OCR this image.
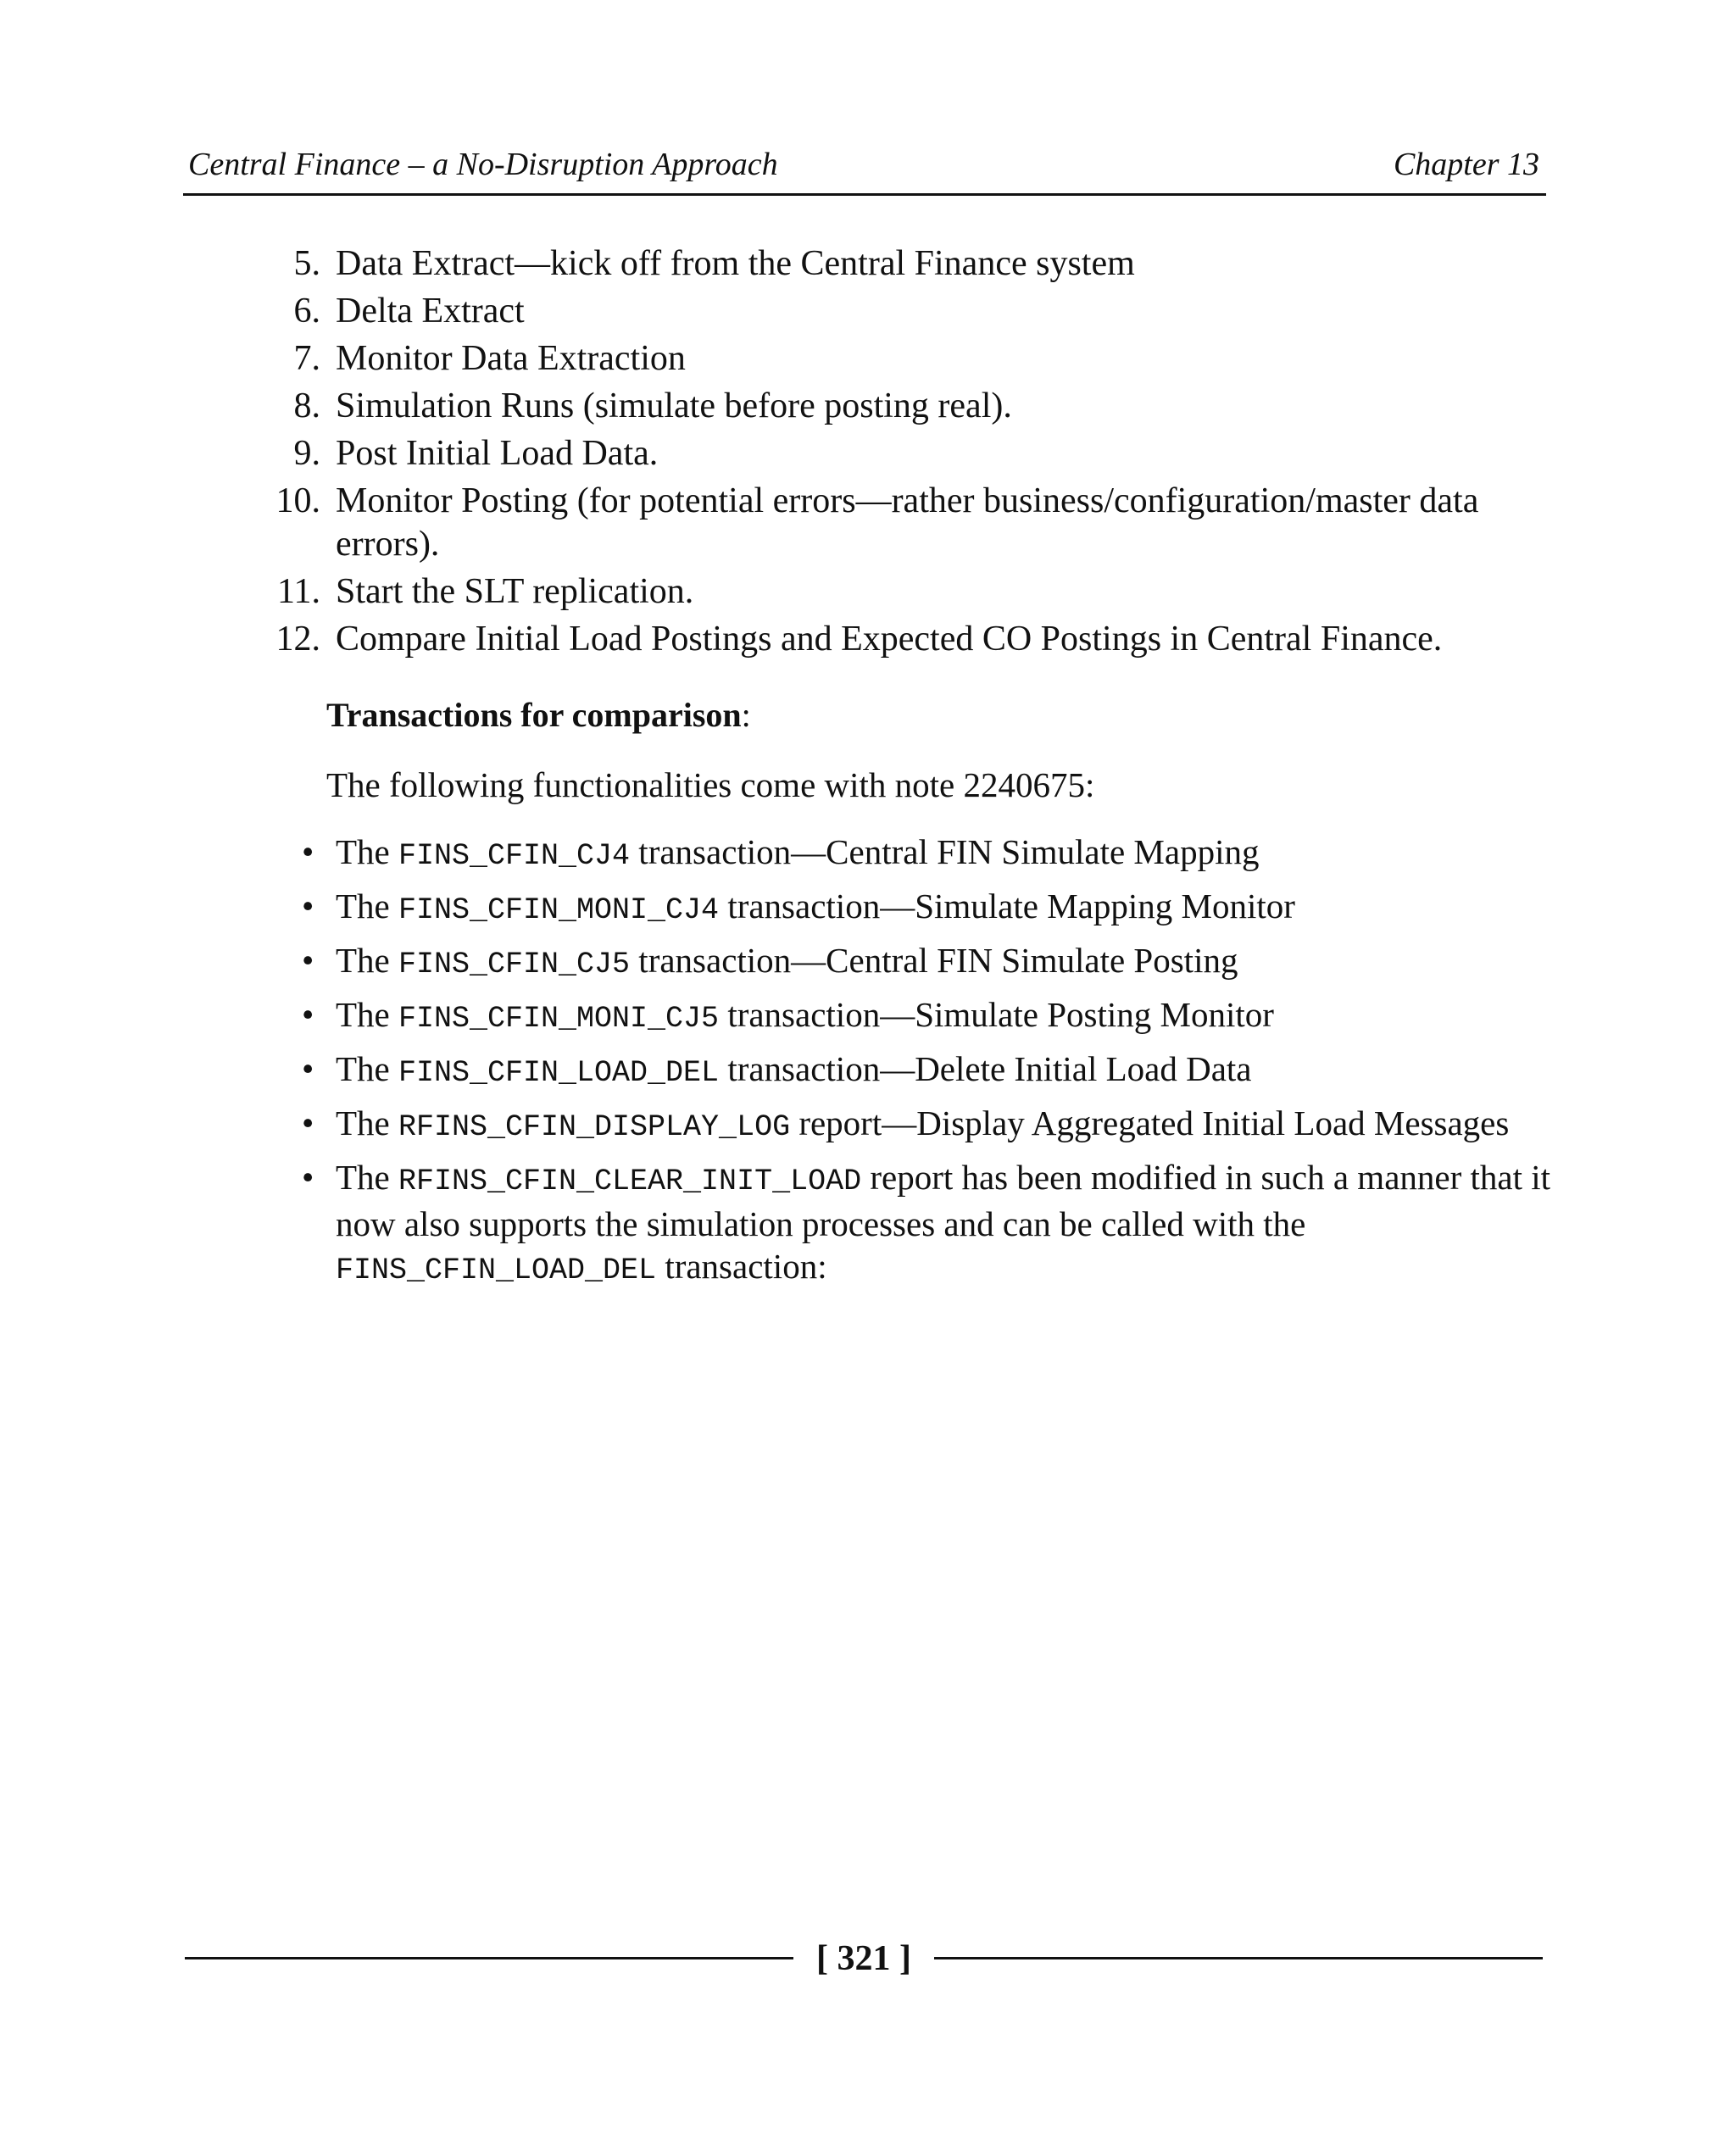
Central Finance – a No-Disruption Approach	Chapter 13
5. Data Extract—kick off from the Central Finance system
6. Delta Extract
7. Monitor Data Extraction
8. Simulation Runs (simulate before posting real).
9. Post Initial Load Data.
10. Monitor Posting (for potential errors—rather business/configuration/master data errors).
11. Start the SLT replication.
12. Compare Initial Load Postings and Expected CO Postings in Central Finance.
Transactions for comparison:
The following functionalities come with note 2240675:
• The FINS_CFIN_CJ4 transaction—Central FIN Simulate Mapping
• The FINS_CFIN_MONI_CJ4 transaction—Simulate Mapping Monitor
• The FINS_CFIN_CJ5 transaction—Central FIN Simulate Posting
• The FINS_CFIN_MONI_CJ5 transaction—Simulate Posting Monitor
• The FINS_CFIN_LOAD_DEL transaction—Delete Initial Load Data
• The RFINS_CFIN_DISPLAY_LOG report—Display Aggregated Initial Load Messages
• The RFINS_CFIN_CLEAR_INIT_LOAD report has been modified in such a manner that it now also supports the simulation processes and can be called with the FINS_CFIN_LOAD_DEL transaction:
[ 321 ]
